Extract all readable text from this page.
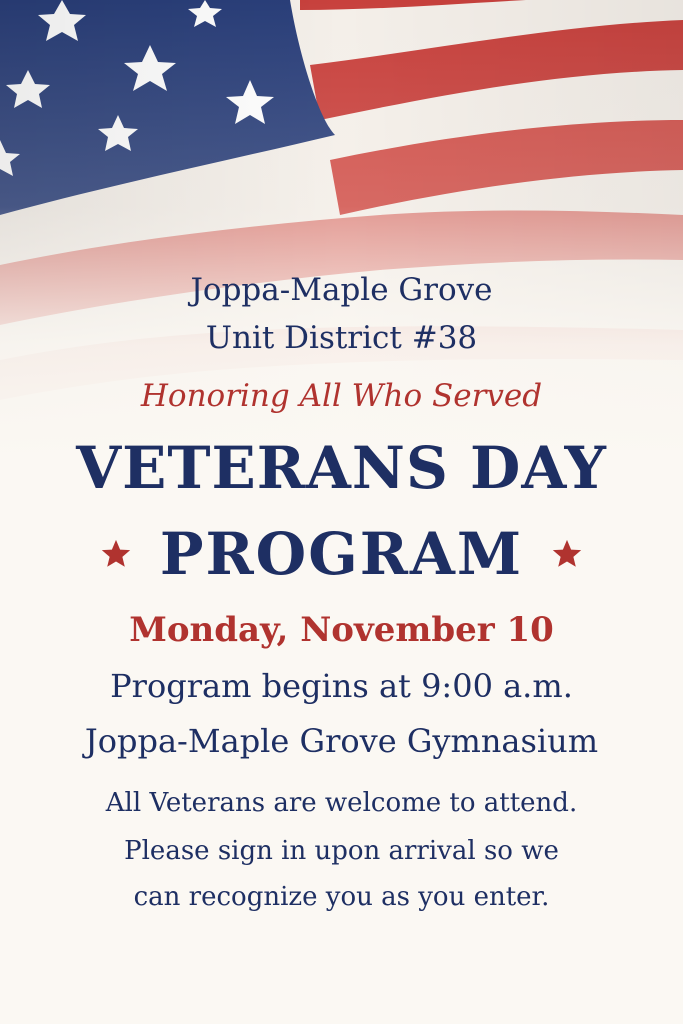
Joppa-Maple Grove
Unit District #38
Honoring All Who Served
VETERANS DAY
PROGRAM
Monday, November 10
Program begins at 9:00 a.m.
Joppa-Maple Grove Gymnasium
All Veterans are welcome to attend.
Please sign in upon arrival so we
can recognize you as you enter.
